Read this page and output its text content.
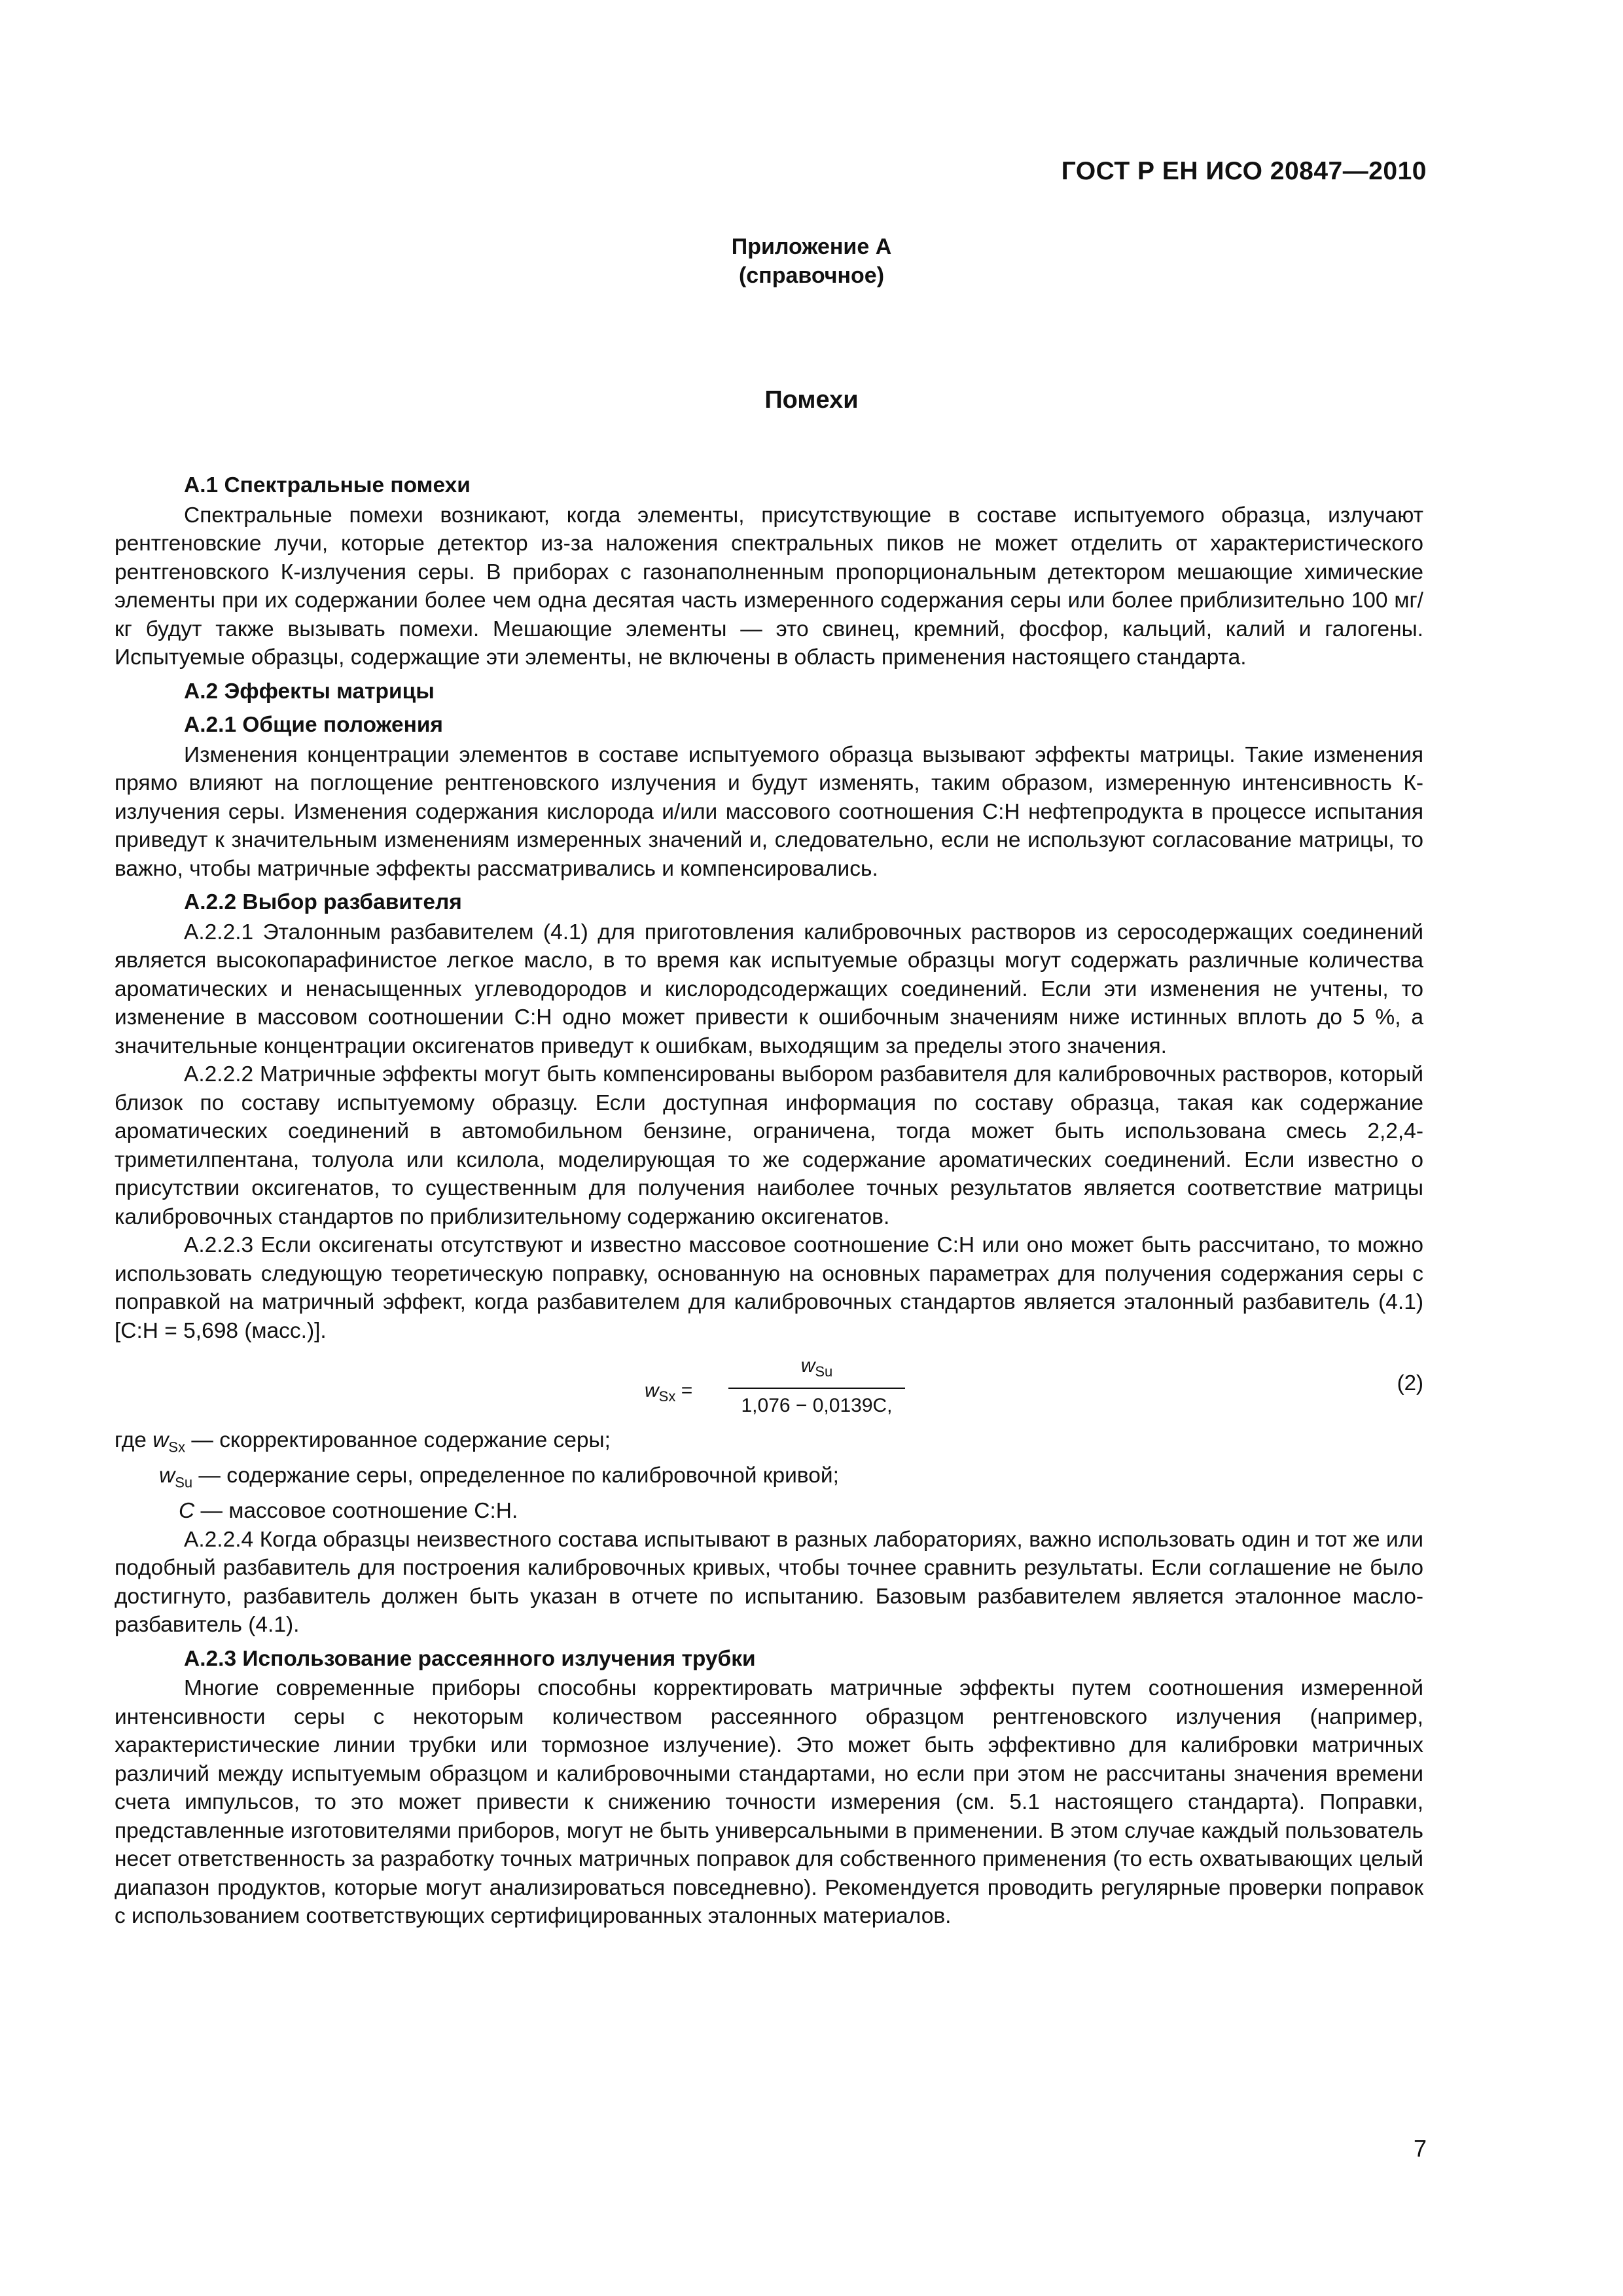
ГОСТ Р ЕН ИСО 20847—2010
Приложение А
(справочное)
Помехи
А.1 Спектральные помехи

Спектральные помехи возникают, когда элементы, присутствующие в составе испытуемого образца, излучают рентгеновские лучи, которые детектор из-за наложения спектральных пиков не может отделить от характеристического рентгеновского К-излучения серы. В приборах с газонаполненным пропорциональным детектором мешающие химические элементы при их содержании более чем одна десятая часть измеренного содержания серы или более приблизительно 100 мг/кг будут также вызывать помехи. Мешающие элементы — это свинец, кремний, фосфор, кальций, калий и галогены. Испытуемые образцы, содержащие эти элементы, не включены в область применения настоящего стандарта.

А.2 Эффекты матрицы
А.2.1 Общие положения

Изменения концентрации элементов в составе испытуемого образца вызывают эффекты матрицы. Такие изменения прямо влияют на поглощение рентгеновского излучения и будут изменять, таким образом, измеренную интенсивность К-излучения серы. Изменения содержания кислорода и/или массового соотношения С:Н нефтепродукта в процессе испытания приведут к значительным изменениям измеренных значений и, следовательно, если не используют согласование матрицы, то важно, чтобы матричные эффекты рассматривались и компенсировались.

А.2.2 Выбор разбавителя

А.2.2.1 Эталонным разбавителем (4.1) для приготовления калибровочных растворов из серосодержащих соединений является высокопарафинистое легкое масло, в то время как испытуемые образцы могут содержать различные количества ароматических и ненасыщенных углеводородов и кислородсодержащих соединений. Если эти изменения не учтены, то изменение в массовом соотношении С:Н одно может привести к ошибочным значениям ниже истинных вплоть до 5 %, а значительные концентрации оксигенатов приведут к ошибкам, выходящим за пределы этого значения.

А.2.2.2 Матричные эффекты могут быть компенсированы выбором разбавителя для калибровочных растворов, который близок по составу испытуемому образцу. Если доступная информация по составу образца, такая как содержание ароматических соединений в автомобильном бензине, ограничена, тогда может быть использована смесь 2,2,4-триметилпентана, толуола или ксилола, моделирующая то же содержание ароматических соединений. Если известно о присутствии оксигенатов, то существенным для получения наиболее точных результатов является соответствие матрицы калибровочных стандартов по приблизительному содержанию оксигенатов.

А.2.2.3 Если оксигенаты отсутствуют и известно массовое соотношение С:Н или оно может быть рассчитано, то можно использовать следующую теоретическую поправку, основанную на основных параметрах для получения содержания серы с поправкой на матричный эффект, когда разбавителем для калибровочных стандартов является эталонный разбавитель (4.1) [С:Н = 5,698 (масс.)].

$w_{Sx}$ =
$w_{Su}$
1,076 − 0,0139C,
(2)
где $w_{Sx}$ — скорректированное содержание серы;
$w_{Su}$ — содержание серы, определенное по калибровочной кривой;
C — массовое соотношение С:Н.

А.2.2.4 Когда образцы неизвестного состава испытывают в разных лабораториях, важно использовать один и тот же или подобный разбавитель для построения калибровочных кривых, чтобы точнее сравнить результаты. Если соглашение не было достигнуто, разбавитель должен быть указан в отчете по испытанию. Базовым разбавителем является эталонное масло-разбавитель (4.1).

А.2.3 Использование рассеянного излучения трубки

Многие современные приборы способны корректировать матричные эффекты путем соотношения измеренной интенсивности серы с некоторым количеством рассеянного образцом рентгеновского излучения (например, характеристические линии трубки или тормозное излучение). Это может быть эффективно для калибровки матричных различий между испытуемым образцом и калибровочными стандартами, но если при этом не рассчитаны значения времени счета импульсов, то это может привести к снижению точности измерения (см. 5.1 настоящего стандарта). Поправки, представленные изготовителями приборов, могут не быть универсальными в применении. В этом случае каждый пользователь несет ответственность за разработку точных матричных поправок для собственного применения (то есть охватывающих целый диапазон продуктов, которые могут анализироваться повседневно). Рекомендуется проводить регулярные проверки поправок с использованием соответствующих сертифицированных эталонных материалов.

7
